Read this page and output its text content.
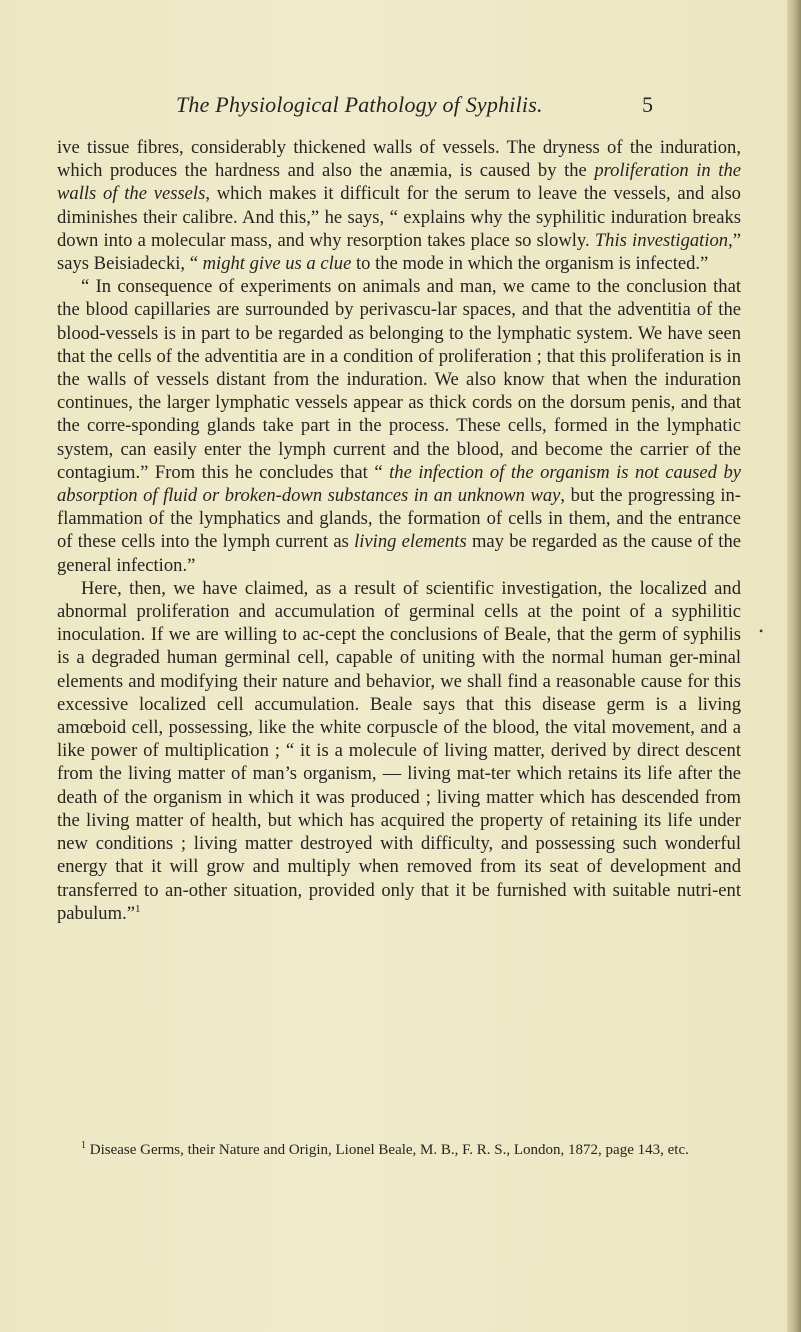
The Physiological Pathology of Syphilis.	5

ive tissue fibres, considerably thickened walls of vessels. The dryness of the induration, which produces the hardness and also the anæmia, is caused by the proliferation in the walls of the vessels, which makes it difficult for the serum to leave the vessels, and also diminishes their calibre. And this,” he says, “ explains why the syphilitic induration breaks down into a molecular mass, and why resorption takes place so slowly. This investigation,” says Beisiadecki, “ might give us a clue to the mode in which the organism is infected.”

“ In consequence of experiments on animals and man, we came to the conclusion that the blood capillaries are surrounded by perivascu-lar spaces, and that the adventitia of the blood-vessels is in part to be regarded as belonging to the lymphatic system. We have seen that the cells of the adventitia are in a condition of proliferation ; that this proliferation is in the walls of vessels distant from the induration. We also know that when the induration continues, the larger lymphatic vessels appear as thick cords on the dorsum penis, and that the corre-sponding glands take part in the process. These cells, formed in the lymphatic system, can easily enter the lymph current and the blood, and become the carrier of the contagium.” From this he concludes that “ the infection of the organism is not caused by absorption of fluid or broken-down substances in an unknown way, but the progressing in-flammation of the lymphatics and glands, the formation of cells in them, and the entrance of these cells into the lymph current as living elements may be regarded as the cause of the general infection.”

Here, then, we have claimed, as a result of scientific investigation, the localized and abnormal proliferation and accumulation of germinal cells at the point of a syphilitic inoculation. If we are willing to ac-cept the conclusions of Beale, that the germ of syphilis is a degraded human germinal cell, capable of uniting with the normal human ger-minal elements and modifying their nature and behavior, we shall find a reasonable cause for this excessive localized cell accumulation. Beale says that this disease germ is a living amœboid cell, possessing, like the white corpuscle of the blood, the vital movement, and a like power of multiplication ; “ it is a molecule of living matter, derived by direct descent from the living matter of man’s organism, — living mat-ter which retains its life after the death of the organism in which it was produced ; living matter which has descended from the living matter of health, but which has acquired the property of retaining its life under new conditions ; living matter destroyed with difficulty, and possessing such wonderful energy that it will grow and multiply when removed from its seat of development and transferred to an-other situation, provided only that it be furnished with suitable nutri-ent pabulum.”$^1$

$^1$ Disease Germs, their Nature and Origin, Lionel Beale, M. B., F. R. S., London, 1872, page 143, etc.
•
